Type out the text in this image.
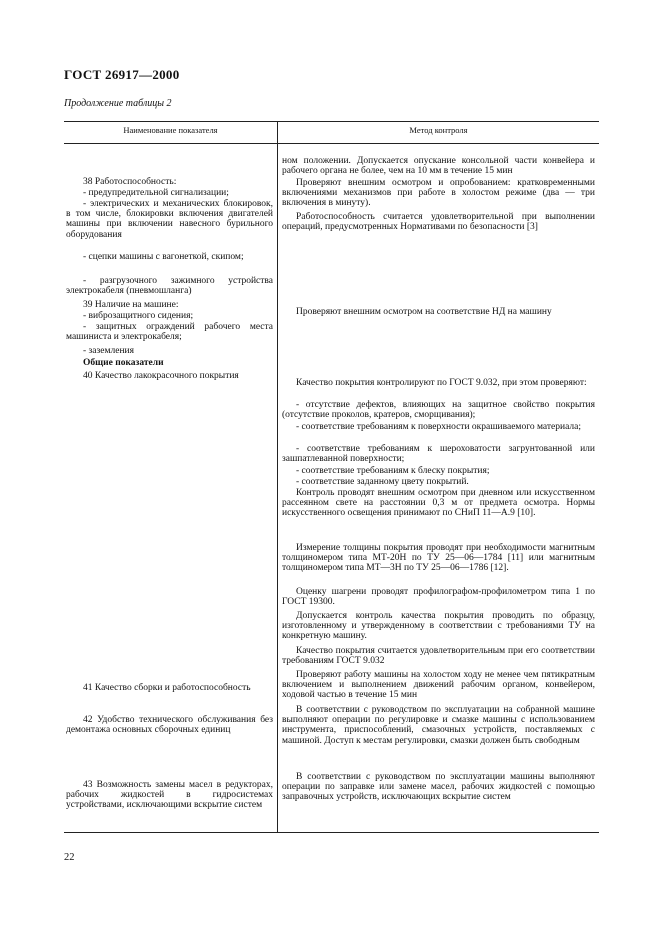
ГОСТ 26917—2000
Продолжение таблицы 2
Наименование показателя	Метод контроля
38 Работоспособность:
- предупредительной сигнализации;
- электрических и механических блокировок, в том числе, блокировки включения двигателей машины при включении навесного бурильного оборудования
- сцепки машины с вагонеткой, скипом;
- разгрузочного зажимного устройства электрокабеля (пневмошланга)
39 Наличие на машине:
- виброзащитного сидения;
- защитных ограждений рабочего места машиниста и электрокабеля;
- заземления
Общие показатели
40 Качество лакокрасочного покрытия
41 Качество сборки и работоспособность
42 Удобство технического обслуживания без демонтажа основных сборочных единиц
43 Возможность замены масел в редукторах, рабочих жидкостей в гидросистемах устройствами, исключающими вскрытие систем
ном положении. Допускается опускание консольной части конвейера и рабочего органа не более, чем на 10 мм в течение 15 мин
Проверяют внешним осмотром и опробованием: кратковременными включениями механизмов при работе в холостом режиме (два — три включения в минуту).
Работоспособность считается удовлетворительной при выполнении операций, предусмотренных Нормативами по безопасности [3]
Проверяют внешним осмотром на соответствие НД на машину
Качество покрытия контролируют по ГОСТ 9.032, при этом проверяют:
- отсутствие дефектов, влияющих на защитное свойство покрытия (отсутствие проколов, кратеров, сморщивания);
- соответствие требованиям к поверхности окрашиваемого материала;
- соответствие требованиям к шероховатости загрунтованной или зашпатлеванной поверхности;
- соответствие требованиям к блеску покрытия;
- соответствие заданному цвету покрытий.
Контроль проводят внешним осмотром при дневном или искусственном рассеянном свете на расстоянии 0,3 м от предмета осмотра. Нормы искусственного освещения принимают по СНиП 11—А.9 [10].
Измерение толщины покрытия проводят при необходимости магнитным толщиномером типа МТ-20Н по ТУ 25—06—1784 [11] или магнитным толщиномером типа МТ—3Н по ТУ 25—06—1786 [12].
Оценку шагрени проводят профилографом-профилометром типа 1 по ГОСТ 19300.
Допускается контроль качества покрытия проводить по образцу, изготовленному и утвержденному в соответствии с требованиями ТУ на конкретную машину.
Качество покрытия считается удовлетворительным при его соответствии требованиям ГОСТ 9.032
Проверяют работу машины на холостом ходу не менее чем пятикратным включением и выполнением движений рабочим органом, конвейером, ходовой частью в течение 15 мин
В соответствии с руководством по эксплуатации на собранной машине выполняют операции по регулировке и смазке машины с использованием инструмента, приспособлений, смазочных устройств, поставляемых с машиной. Доступ к местам регулировки, смазки должен быть свободным
В соответствии с руководством по эксплуатации машины выполняют операции по заправке или замене масел, рабочих жидкостей с помощью заправочных устройств, исключающих вскрытие систем
22
